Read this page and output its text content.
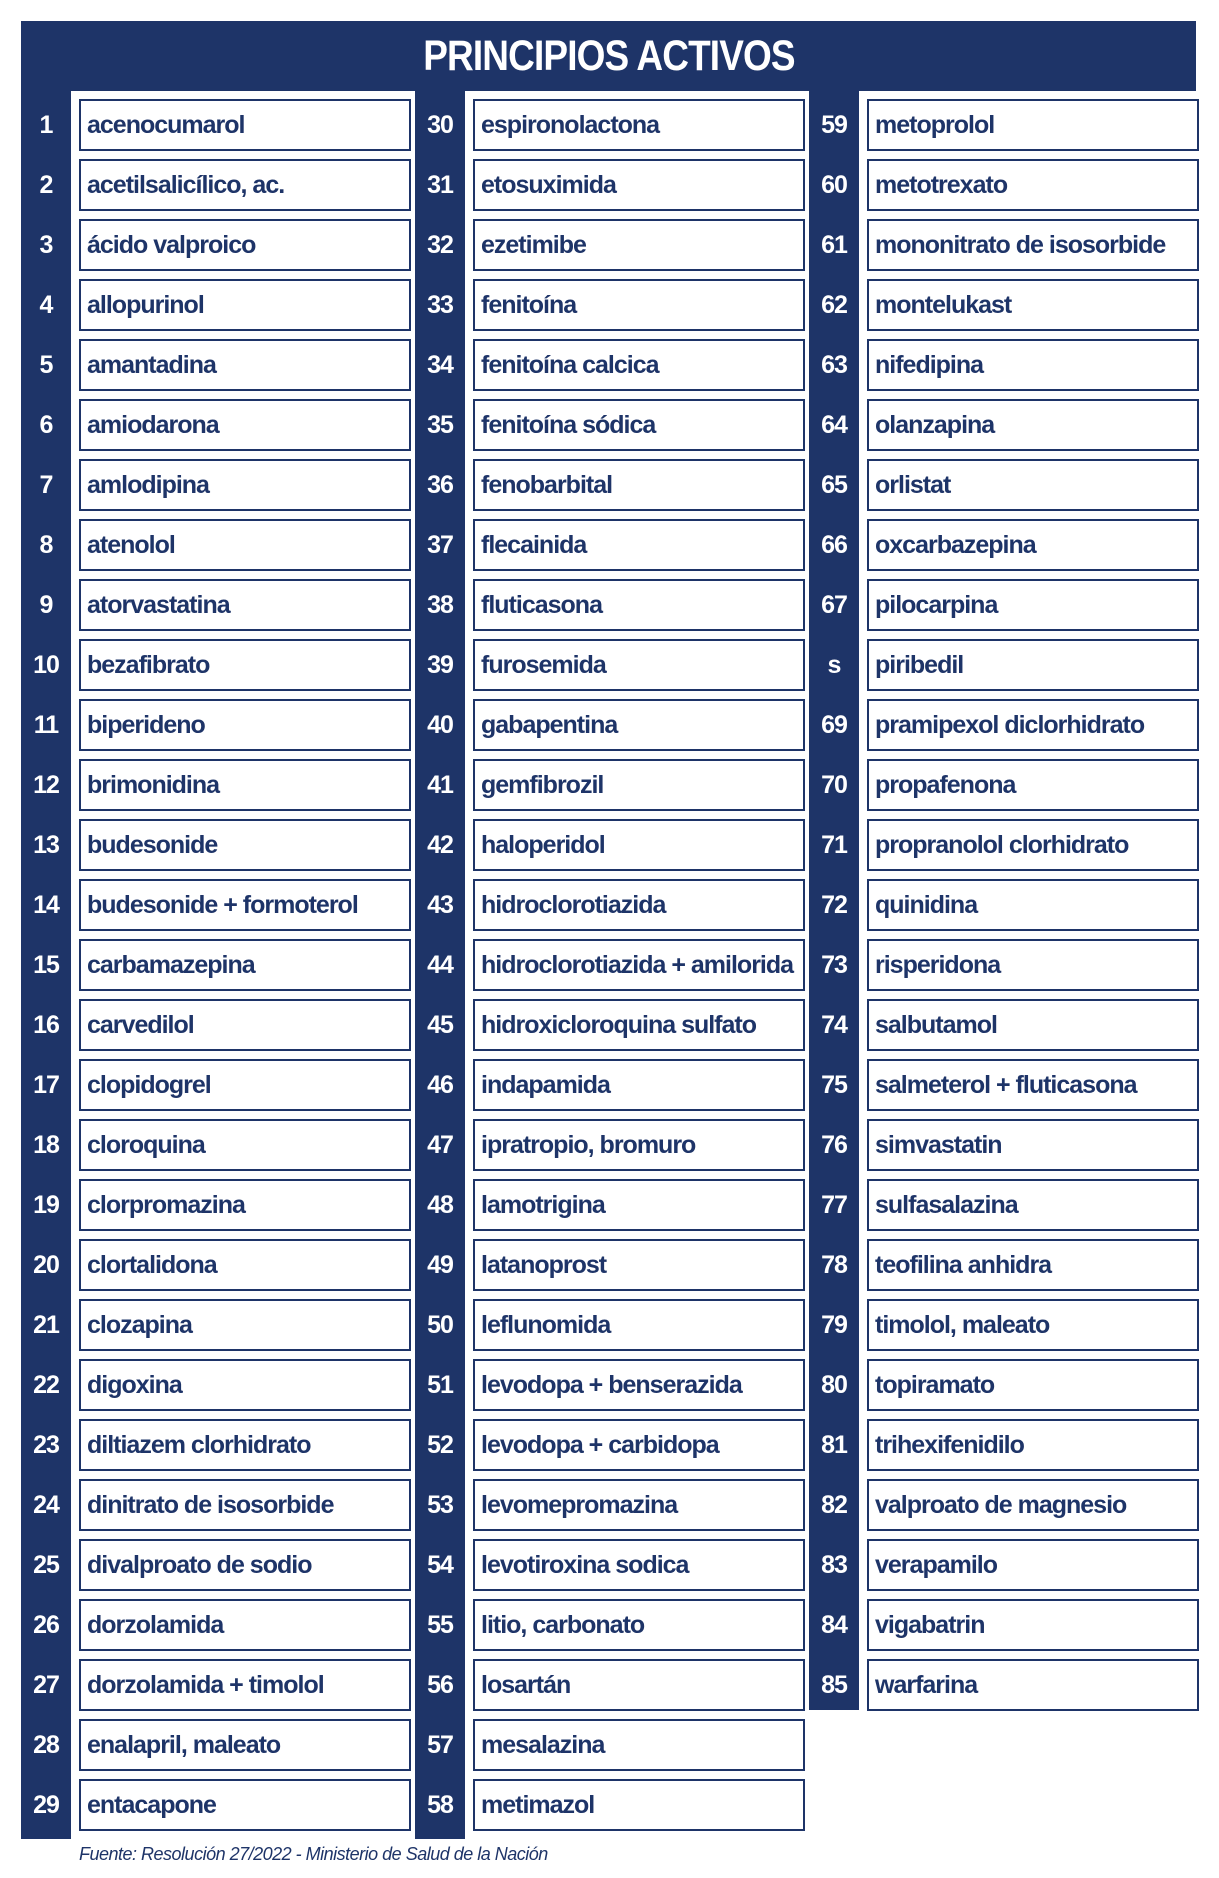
PRINCIPIOS ACTIVOS
1	acenocumarol
2	acetilsalicílico, ac.
3	ácido valproico
4	allopurinol
5	amantadina
6	amiodarona
7	amlodipina
8	atenolol
9	atorvastatina
10	bezafibrato
11	biperideno
12	brimonidina
13	budesonide
14	budesonide + formoterol
15	carbamazepina
16	carvedilol
17	clopidogrel
18	cloroquina
19	clorpromazina
20	clortalidona
21	clozapina
22	digoxina
23	diltiazem clorhidrato
24	dinitrato de isosorbide
25	divalproato de sodio
26	dorzolamida
27	dorzolamida + timolol
28	enalapril, maleato
29	entacapone
30	espironolactona
31	etosuximida
32	ezetimibe
33	fenitoína
34	fenitoína calcica
35	fenitoína sódica
36	fenobarbital
37	flecainida
38	fluticasona
39	furosemida
40	gabapentina
41	gemfibrozil
42	haloperidol
43	hidroclorotiazida
44	hidroclorotiazida + amilorida
45	hidroxicloroquina sulfato
46	indapamida
47	ipratropio, bromuro
48	lamotrigina
49	latanoprost
50	leflunomida
51	levodopa + benserazida
52	levodopa + carbidopa
53	levomepromazina
54	levotiroxina sodica
55	litio, carbonato
56	losartán
57	mesalazina
58	metimazol
59	metoprolol
60	metotrexato
61	mononitrato de isosorbide
62	montelukast
63	nifedipina
64	olanzapina
65	orlistat
66	oxcarbazepina
67	pilocarpina
s	piribedil
69	pramipexol diclorhidrato
70	propafenona
71	propranolol clorhidrato
72	quinidina
73	risperidona
74	salbutamol
75	salmeterol + fluticasona
76	simvastatin
77	sulfasalazina
78	teofilina anhidra
79	timolol, maleato
80	topiramato
81	trihexifenidilo
82	valproato de magnesio
83	verapamilo
84	vigabatrin
85	warfarina
Fuente: Resolución 27/2022 - Ministerio de Salud de la Nación
